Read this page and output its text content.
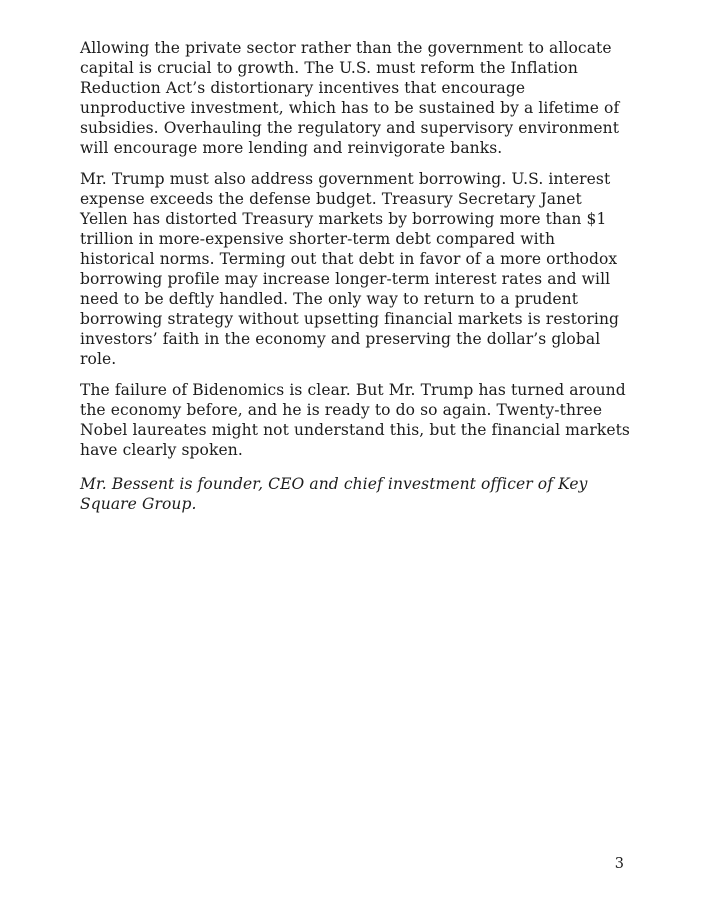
Allowing the private sector rather than the government to allocate capital is crucial to growth. The U.S. must reform the Inflation Reduction Act’s distortionary incentives that encourage unproductive investment, which has to be sustained by a lifetime of subsidies. Overhauling the regulatory and supervisory environment will encourage more lending and reinvigorate banks.

Mr. Trump must also address government borrowing. U.S. interest expense exceeds the defense budget. Treasury Secretary Janet Yellen has distorted Treasury markets by borrowing more than $1 trillion in more-expensive shorter-term debt compared with historical norms. Terming out that debt in favor of a more orthodox borrowing profile may increase longer-term interest rates and will need to be deftly handled. The only way to return to a prudent borrowing strategy without upsetting financial markets is restoring investors’ faith in the economy and preserving the dollar’s global role.

The failure of Bidenomics is clear. But Mr. Trump has turned around the economy before, and he is ready to do so again. Twenty-three Nobel laureates might not understand this, but the financial markets have clearly spoken.

Mr. Bessent is founder, CEO and chief investment officer of Key Square Group.

3
